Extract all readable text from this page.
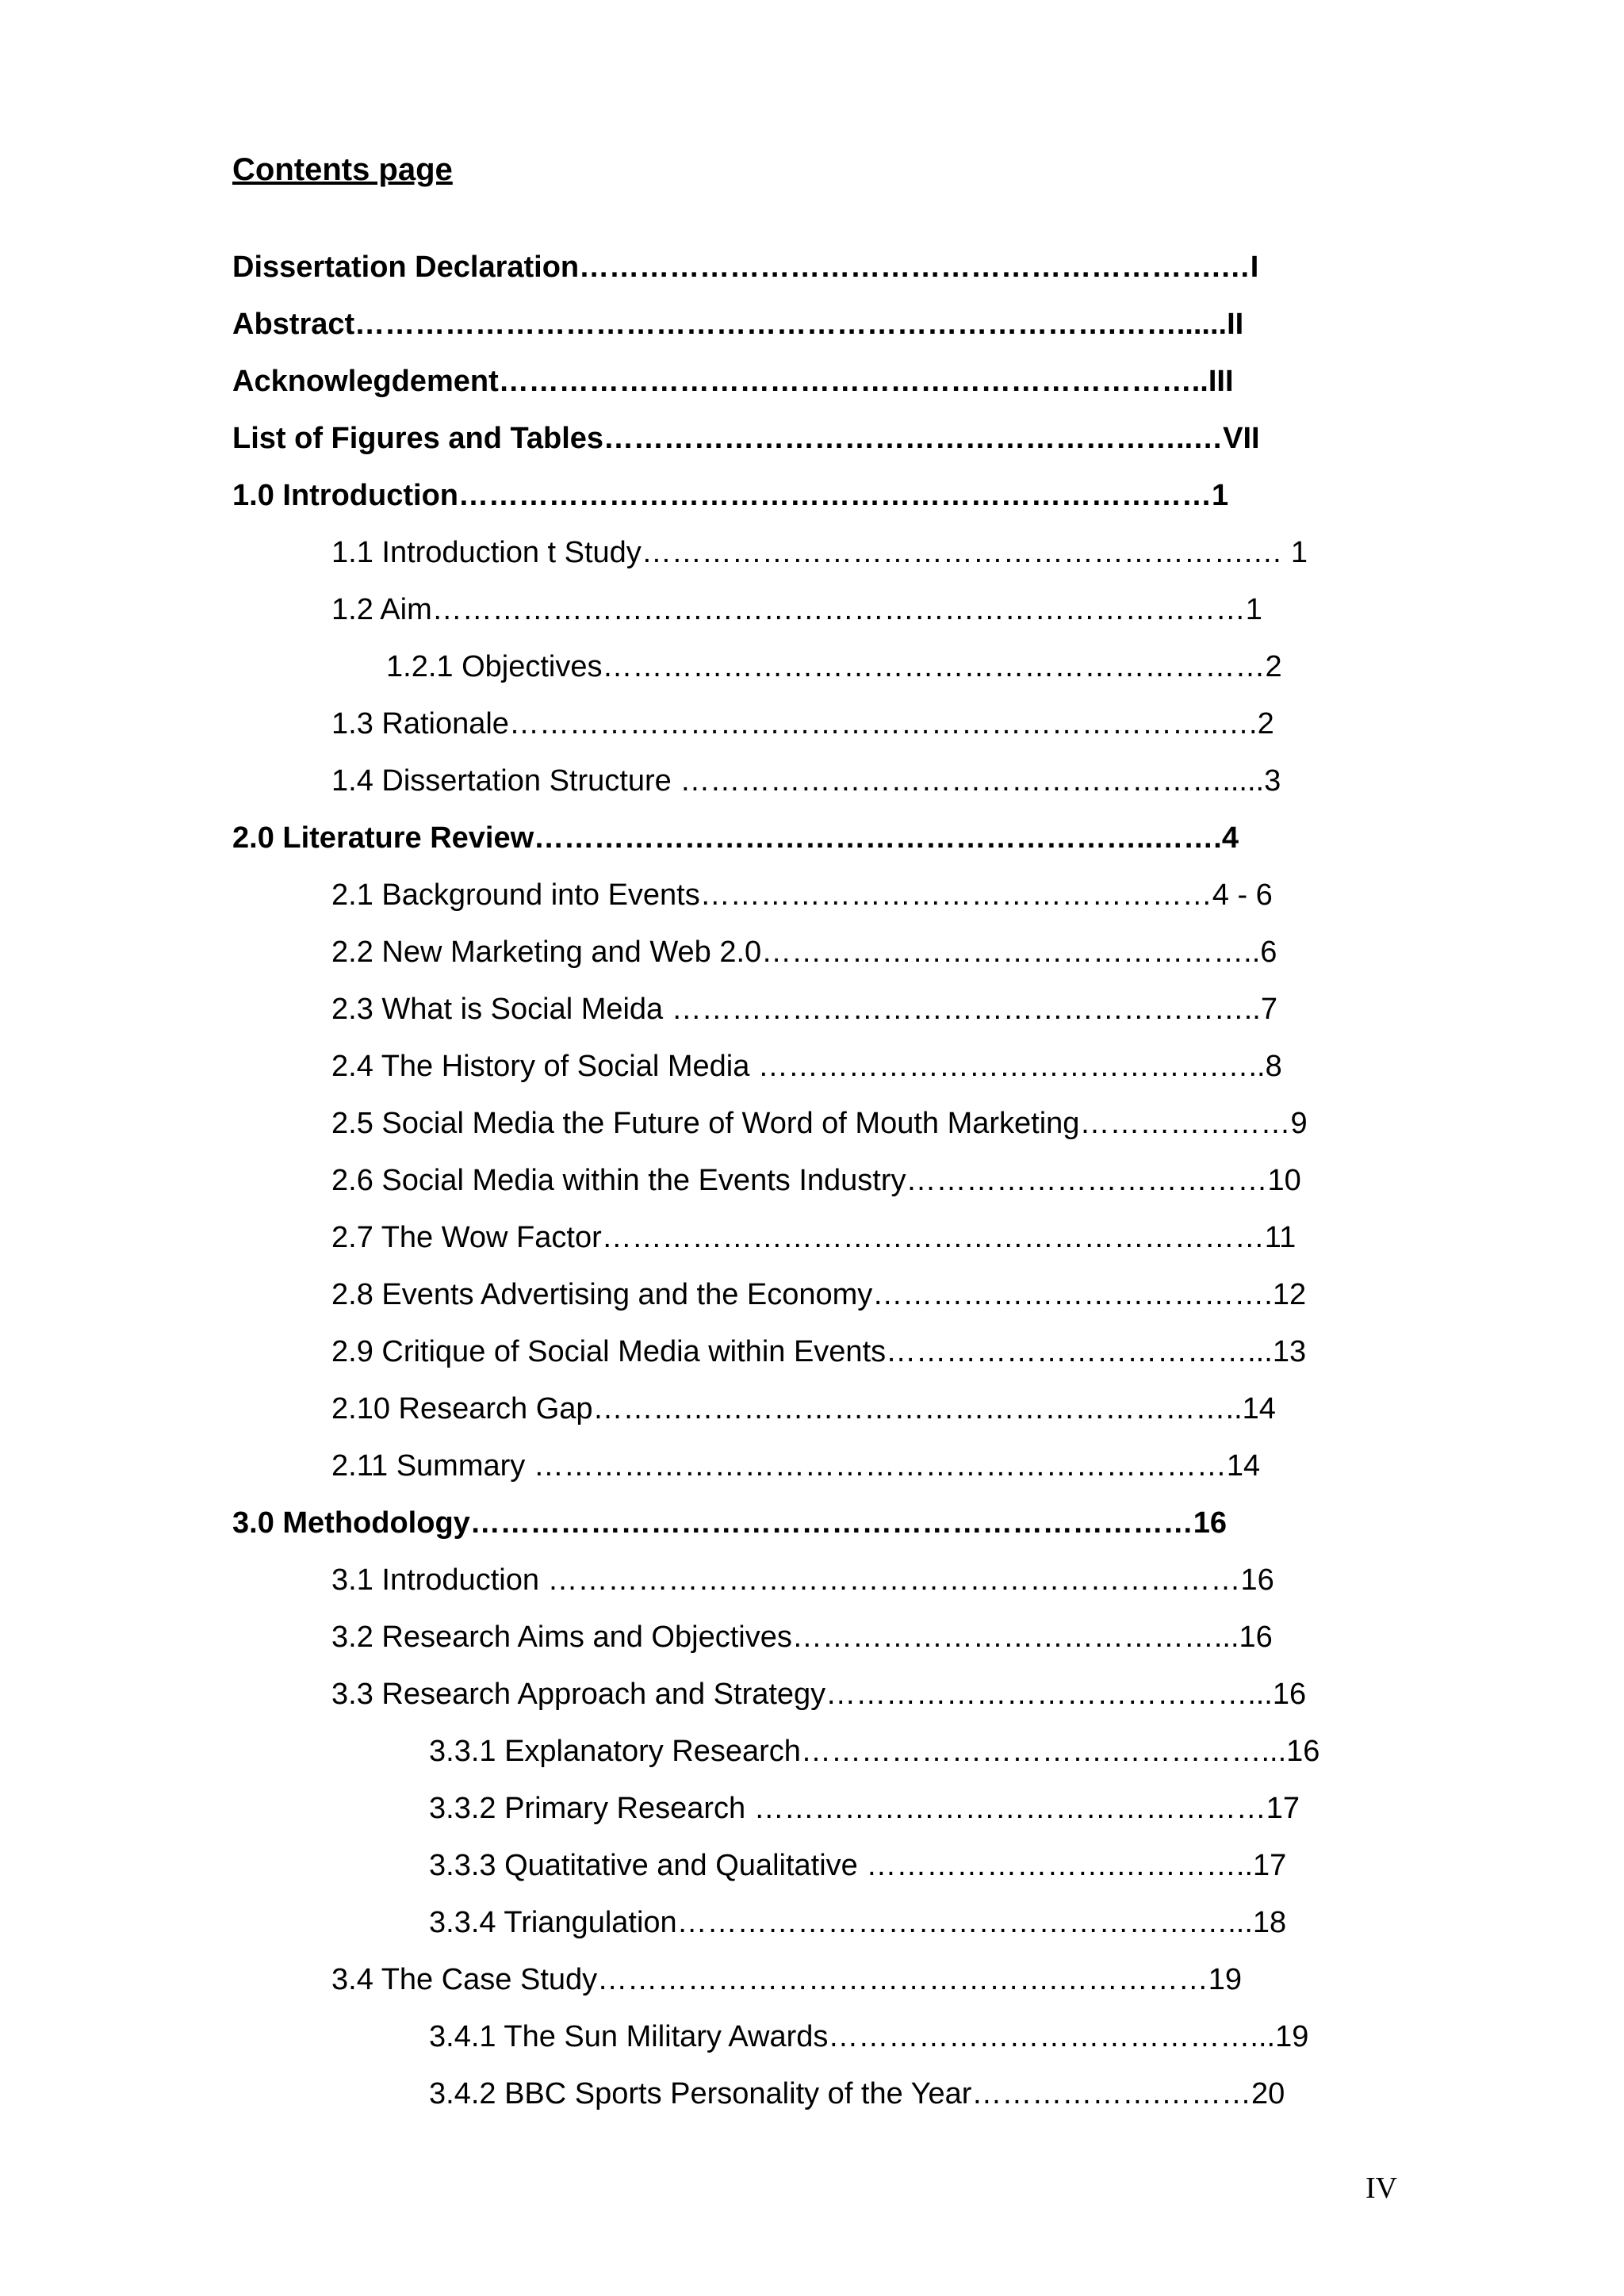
Contents page
Dissertation Declaration……………………………………………………….…I
Abstract………………………………………………………………….……......II
Acknowlegdement……………………………………………………………..III
List of Figures and Tables…………………………………………………..…VII
1.0 Introduction…………………………………………………………………1
1.1 Introduction t Study…………………………………………………….… 1
1.2 Aim………………………………………………………………………1
1.2.1 Objectives…………………………………………………………2
1.3 Rationale……………………………………………………………..….2
1.4 Dissertation Structure ……………………………………………….....3
2.0 Literature Review……………………………………………………..…….4
2.1 Background into Events……………………………………………4 - 6
2.2 New Marketing and Web 2.0…………………………………………..6
2.3 What is Social Meida …………………………………………………..7
2.4 The History of Social Media ……………………………………….…..8
2.5 Social Media the Future of Word of Mouth Marketing…………………9
2.6 Social Media within the Events Industry………………………………10
2.7 The Wow Factor…………………………………………………………11
2.8 Events Advertising and the Economy………………………………….12
2.9 Critique of Social Media within Events………………………………...13
2.10 Research Gap………………………………………………………..14
2.11 Summary ……………………………………………………………14
3.0 Methodology………………………………………………………………16
3.1 Introduction ……………………………………………………………16
3.2 Research Aims and Objectives……………………………………...16
3.3 Research Approach and Strategy……………………………………...16
3.3.1 Explanatory Research………………………….……………...16
3.3.2 Primary Research ……………………………………………17
3.3.3 Quatitative and Qualitative …………………….…………..17
3.3.4 Triangulation…………………………………………….…...18
3.4 The Case Study……………………………………….……………19
3.4.1 The Sun Military Awards……………………………………...19
3.4.2 BBC Sports Personality of the Year……………….………20
IV
